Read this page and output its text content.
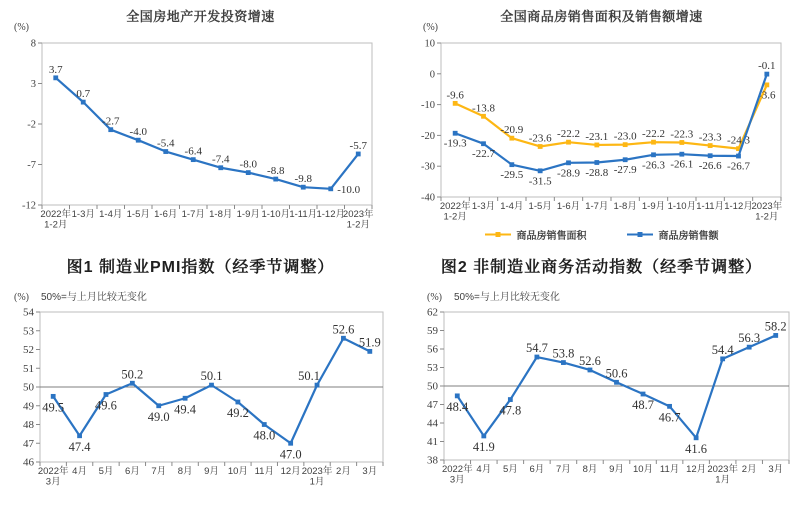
全国房地产开发投资增速
(%)
8
3
-2
-7
-12
2022年 1-2月
1-3月 1-4月 1-5月 1-6月 1-7月 1-8月 1-9月 1-10月 1-11月 1-12月
2023年 1-2月
3.7
0.7
-2.7
-4.0
-5.4
-6.4
-7.4 -8.0
-8.8
-9.8
-10.0
-5.7
全国商品房销售面积及销售额增速
(%)
10
0
-10
-20
-30
-40
2022年 1-2月
1-3月 1-4月 1-5月 1-6月 1-7月 1-8月 1-9月 1-10月 1-11月 1-12月
2023年 1-2月
-9.6
-13.8
-20.9
-23.6 -22.2 -23.1 -23.0 -22.2 -22.3 -23.3 -24.3
-3.6
-19.3
-22.7
-29.5
-31.5
-28.9 -28.8 -27.9 -26.3 -26.1 -26.6 -26.7
-0.1
商品房销售面积	商品房销售额
图1 制造业PMI指数（经季节调整）
(%) 50%=与上月比较无变化
54
53
52
51
50
49
48
47
46
2022年 3月
4月 5月 6月 7月 8月 9月 10月 11月 12月 2023年 1月
2月 3月
49.5
47.4
49.6
50.2
49.0
49.4
50.1
49.2
48.0
47.0
50.1
52.6
51.9
图2 非制造业商务活动指数（经季节调整）
(%) 50%=与上月比较无变化
62
59
56
53
50
47
44
41
38
2022年 3月
4月 5月 6月 7月 8月 9月 10月 11月 12月 2023年 1月
2月 3月
48.4
41.9
47.8
54.7 53.8
52.6
50.6
48.7
46.7
41.6
54.4
56.3
58.2
